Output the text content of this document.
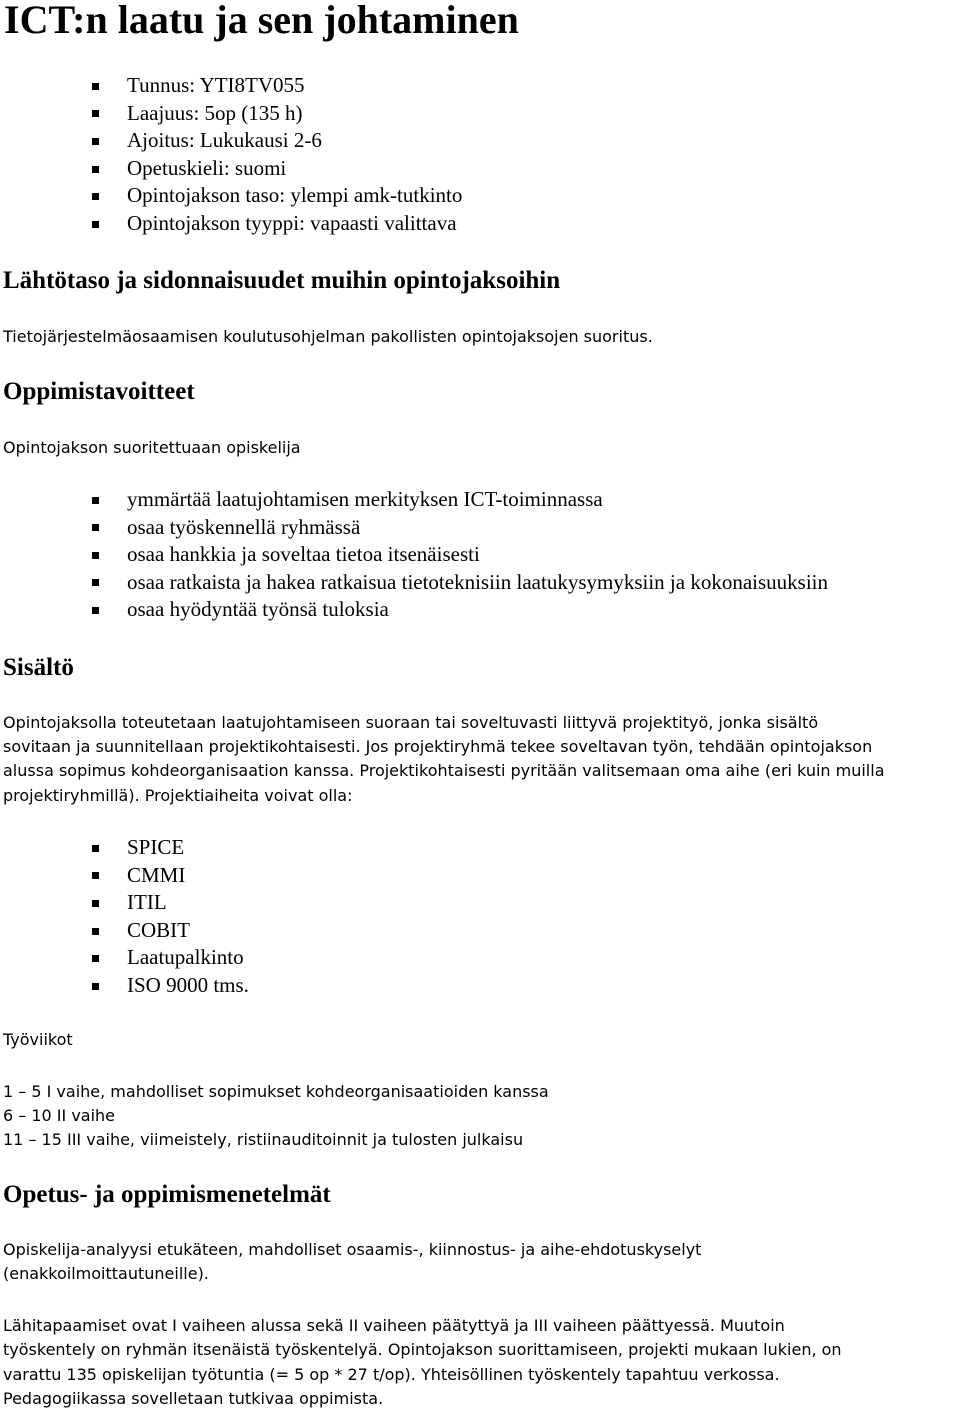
ICT:n laatu ja sen johtaminen
Tunnus: YTI8TV055
Laajuus: 5op (135 h)
Ajoitus: Lukukausi 2-6
Opetuskieli: suomi
Opintojakson taso: ylempi amk-tutkinto
Opintojakson tyyppi: vapaasti valittava
Lähtötaso ja sidonnaisuudet muihin opintojaksoihin

Tietojärjestelmäosaamisen koulutusohjelman pakollisten opintojaksojen suoritus.

Oppimistavoitteet

Opintojakson suoritettuaan opiskelija

ymmärtää laatujohtamisen merkityksen ICT-toiminnassa
osaa työskennellä ryhmässä
osaa hankkia ja soveltaa tietoa itsenäisesti
osaa ratkaista ja hakea ratkaisua tietoteknisiin laatukysymyksiin ja kokonaisuuksiin
osaa hyödyntää työnsä tuloksia
Sisältö
Opintojaksolla toteutetaan laatujohtamiseen suoraan tai soveltuvasti liittyvä projektityö, jonka sisältö
sovitaan ja suunnitellaan projektikohtaisesti. Jos projektiryhmä tekee soveltavan työn, tehdään opintojakson
alussa sopimus kohdeorganisaation kanssa. Projektikohtaisesti pyritään valitsemaan oma aihe (eri kuin muilla
projektiryhmillä). Projektiaiheita voivat olla:
SPICE
CMMI
ITIL
COBIT
Laatupalkinto
ISO 9000 tms.

Työviikot

1 – 5 I vaihe, mahdolliset sopimukset kohdeorganisaatioiden kanssa
6 – 10 II vaihe
11 – 15 III vaihe, viimeistely, ristiinauditoinnit ja tulosten julkaisu
Opetus- ja oppimismenetelmät
Opiskelija-analyysi etukäteen, mahdolliset osaamis-, kiinnostus- ja aihe-ehdotuskyselyt
(enakkoilmoittautuneille).
Lähitapaamiset ovat I vaiheen alussa sekä II vaiheen päätyttyä ja III vaiheen päättyessä. Muutoin
työskentely on ryhmän itsenäistä työskentelyä. Opintojakson suorittamiseen, projekti mukaan lukien, on
varattu 135 opiskelijan työtuntia (= 5 op * 27 t/op). Yhteisöllinen työskentely tapahtuu verkossa.
Pedagogiikassa sovelletaan tutkivaa oppimista.
